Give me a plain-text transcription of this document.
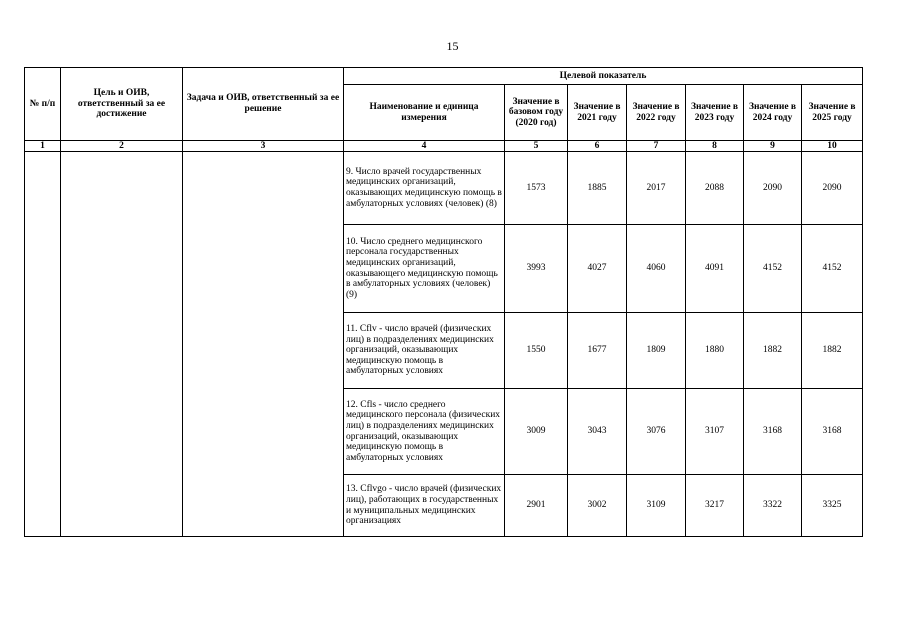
15
№ п/п	Цель и ОИВ, ответственный за ее достижение	Задача и ОИВ, ответственный за ее решение	Целевой показатель						
			Наименование и единица измерения	Значение в базовом году (2020 год)	Значение в 2021 году	Значение в 2022 году	Значение в 2023 году	Значение в 2024 году	Значение в 2025 году
1	2	3	4	5	6	7	8	9	10
			9. Число врачей государственных медицинских организаций, оказывающих медицинскую помощь в амбулаторных условиях (человек) (8)	1573	1885	2017	2088	2090	2090
			10. Число среднего медицинского персонала государственных медицинских организаций, оказывающего медицинскую помощь в амбулаторных условиях (человек) (9)	3993	4027	4060	4091	4152	4152
			11. Cflv - число врачей (физических лиц) в подразделениях медицинских организаций, оказывающих медицинскую помощь в амбулаторных условиях	1550	1677	1809	1880	1882	1882
			12. Cfls - число среднего медицинского персонала (физических лиц) в подразделениях медицинских организаций, оказывающих медицинскую помощь в амбулаторных условиях	3009	3043	3076	3107	3168	3168
			13. Cflvgo - число врачей (физических лиц), работающих в государственных и муниципальных медицинских организациях	2901	3002	3109	3217	3322	3325
